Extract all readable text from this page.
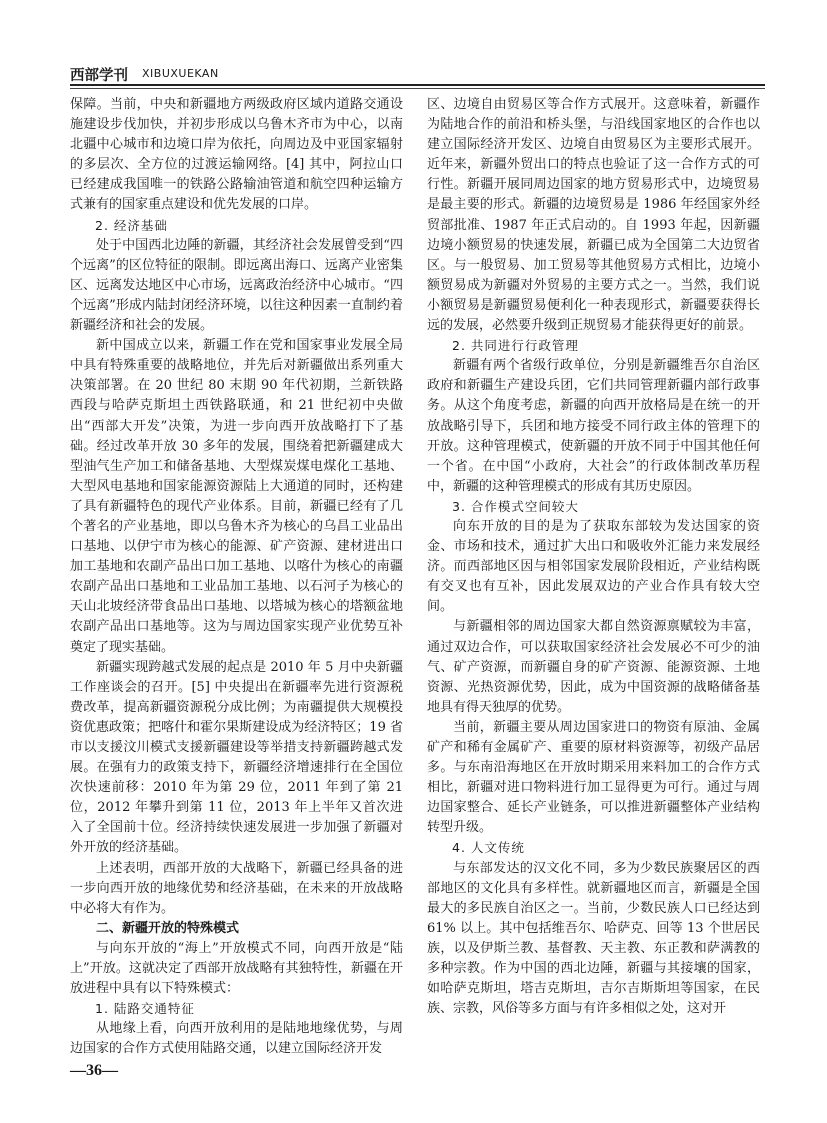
西部学刊 XIBUXUEKAN

保障。当前，中央和新疆地方两级政府区域内道路交通设施建设步伐加快，并初步形成以乌鲁木齐市为中心，以南北疆中心城市和边境口岸为依托，向周边及中亚国家辐射的多层次、全方位的过渡运输网络。[4] 其中，阿拉山口已经建成我国唯一的铁路公路输油管道和航空四种运输方式兼有的国家重点建设和优先发展的口岸。

2. 经济基础

处于中国西北边陲的新疆，其经济社会发展曾受到“四个远离”的区位特征的限制。即远离出海口、远离产业密集区、远离发达地区中心市场，远离政治经济中心城市。“四个远离”形成内陆封闭经济环境，以往这种因素一直制约着新疆经济和社会的发展。

新中国成立以来，新疆工作在党和国家事业发展全局中具有特殊重要的战略地位，并先后对新疆做出系列重大决策部署。在 20 世纪 80 末期 90 年代初期，兰新铁路西段与哈萨克斯坦土西铁路联通，和 21 世纪初中央做出“西部大开发”决策，为进一步向西开放战略打下了基础。经过改革开放 30 多年的发展，围绕着把新疆建成大型油气生产加工和储备基地、大型煤炭煤电煤化工基地、大型风电基地和国家能源资源陆上大通道的同时，还构建了具有新疆特色的现代产业体系。目前，新疆已经有了几个著名的产业基地，即以乌鲁木齐为核心的乌昌工业品出口基地、以伊宁市为核心的能源、矿产资源、建材进出口加工基地和农副产品出口加工基地、以喀什为核心的南疆农副产品出口基地和工业品加工基地、以石河子为核心的天山北坡经济带食品出口基地、以塔城为核心的塔额盆地农副产品出口基地等。这为与周边国家实现产业优势互补奠定了现实基础。

新疆实现跨越式发展的起点是 2010 年 5 月中央新疆工作座谈会的召开。[5] 中央提出在新疆率先进行资源税费改革，提高新疆资源税分成比例；为南疆提供大规模投资优惠政策；把喀什和霍尔果斯建设成为经济特区；19 省市以支援汶川模式支援新疆建设等举措支持新疆跨越式发展。在强有力的政策支持下，新疆经济增速排行在全国位次快速前移：2010 年为第 29 位，2011 年到了第 21 位，2012 年攀升到第 11 位，2013 年上半年又首次进入了全国前十位。经济持续快速发展进一步加强了新疆对外开放的经济基础。

上述表明，西部开放的大战略下，新疆已经具备的进一步向西开放的地缘优势和经济基础，在未来的开放战略中必将大有作为。

二、新疆开放的特殊模式

与向东开放的“海上”开放模式不同，向西开放是“陆上”开放。这就决定了西部开放战略有其独特性，新疆在开放进程中具有以下特殊模式：

1. 陆路交通特征

从地缘上看，向西开放利用的是陆地地缘优势，与周边国家的合作方式使用陆路交通，以建立国际经济开发

区、边境自由贸易区等合作方式展开。这意味着，新疆作为陆地合作的前沿和桥头堡，与沿线国家地区的合作也以建立国际经济开发区、边境自由贸易区为主要形式展开。近年来，新疆外贸出口的特点也验证了这一合作方式的可行性。新疆开展同周边国家的地方贸易形式中，边境贸易是最主要的形式。新疆的边境贸易是 1986 年经国家外经贸部批准、1987 年正式启动的。自 1993 年起，因新疆边境小额贸易的快速发展，新疆已成为全国第二大边贸省区。与一般贸易、加工贸易等其他贸易方式相比，边境小额贸易成为新疆对外贸易的主要方式之一。当然，我们说小额贸易是新疆贸易便利化一种表现形式，新疆要获得长远的发展，必然要升级到正规贸易才能获得更好的前景。

2. 共同进行行政管理

新疆有两个省级行政单位，分别是新疆维吾尔自治区政府和新疆生产建设兵团，它们共同管理新疆内部行政事务。从这个角度考虑，新疆的向西开放格局是在统一的开放战略引导下，兵团和地方接受不同行政主体的管理下的开放。这种管理模式，使新疆的开放不同于中国其他任何一个省。在中国“小政府，大社会”的行政体制改革历程中，新疆的这种管理模式的形成有其历史原因。

3. 合作模式空间较大

向东开放的目的是为了获取东部较为发达国家的资金、市场和技术，通过扩大出口和吸收外汇能力来发展经济。而西部地区因与相邻国家发展阶段相近，产业结构既有交叉也有互补，因此发展双边的产业合作具有较大空间。

与新疆相邻的周边国家大都自然资源禀赋较为丰富，通过双边合作，可以获取国家经济社会发展必不可少的油气、矿产资源，而新疆自身的矿产资源、能源资源、土地资源、光热资源优势，因此，成为中国资源的战略储备基地具有得天独厚的优势。

当前，新疆主要从周边国家进口的物资有原油、金属矿产和稀有金属矿产、重要的原材料资源等，初级产品居多。与东南沿海地区在开放时期采用来料加工的合作方式相比，新疆对进口物料进行加工显得更为可行。通过与周边国家整合、延长产业链条，可以推进新疆整体产业结构转型升级。

4. 人文传统

与东部发达的汉文化不同，多为少数民族聚居区的西部地区的文化具有多样性。就新疆地区而言，新疆是全国最大的多民族自治区之一。当前，少数民族人口已经达到 61% 以上。其中包括维吾尔、哈萨克、回等 13 个世居民族，以及伊斯兰教、基督教、天主教、东正教和萨满教的多种宗教。作为中国的西北边陲，新疆与其接壤的国家，如哈萨克斯坦，塔吉克斯坦，吉尔吉斯斯坦等国家，在民族、宗教，风俗等多方面与有许多相似之处，这对开

—36—
